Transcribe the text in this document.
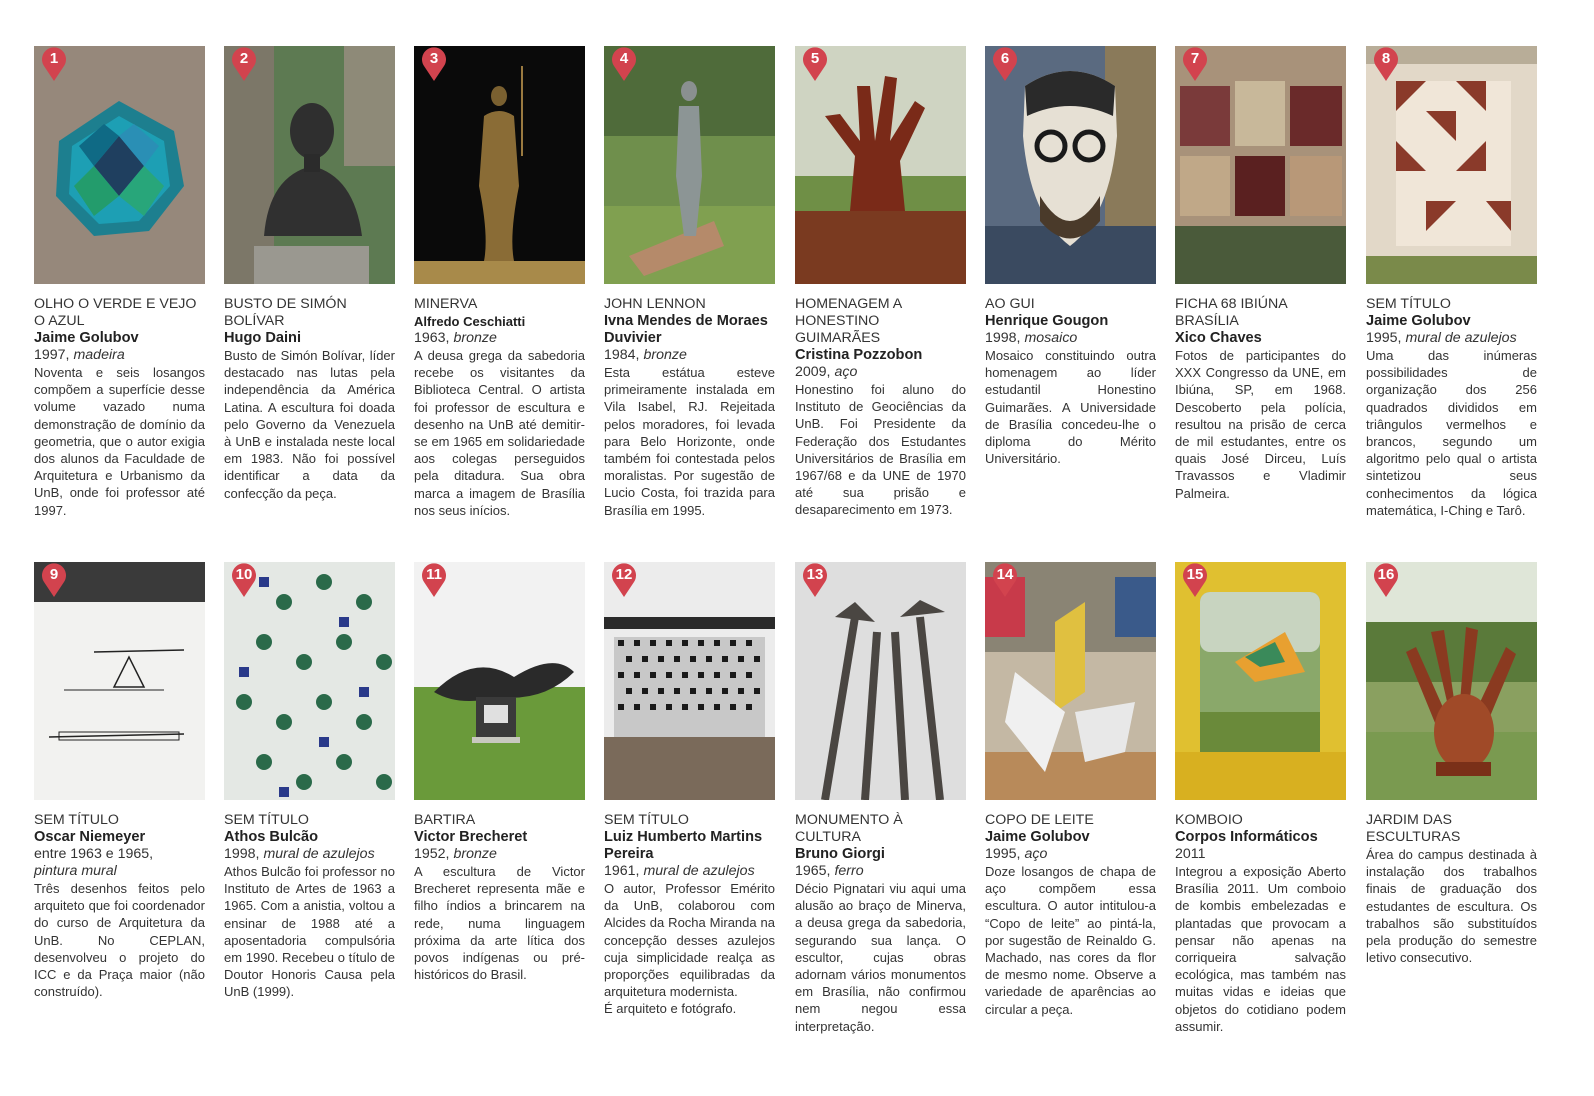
1
OLHO O VERDE E VEJO O AZUL
Jaime Golubov
1997, madeira
Noventa e seis losangos compõem a superfície desse volume vazado numa demonstração de domínio da geometria, que o autor exigia dos alunos da Faculdade de Arquitetura e Urbanismo da UnB, onde foi professor até 1997.
2
BUSTO DE SIMÓN BOLÍVAR
Hugo Daini
Busto de Simón Bolívar, líder destacado nas lutas pela independência da América Latina. A escultura foi doada pelo Governo da Venezuela à UnB e instalada neste local em 1983. Não foi possível identificar a data da confecção da peça.
3
MINERVA
Alfredo Ceschiatti
1963, bronze
A deusa grega da sabedoria recebe os visitantes da Biblioteca Central. O artista foi professor de escultura e desenho na UnB até demitir-se em 1965 em solidariedade aos colegas perseguidos pela ditadura. Sua obra marca a imagem de Brasília nos seus inícios.
4
JOHN LENNON
Ivna Mendes de Moraes Duvivier
1984, bronze
Esta estátua esteve primeiramente instalada em Vila Isabel, RJ. Rejeitada pelos moradores, foi levada para Belo Horizonte, onde também foi contestada pelos moralistas. Por sugestão de Lucio Costa, foi trazida para Brasília em 1995.
5
HOMENAGEM A HONESTINO GUIMARÃES
Cristina Pozzobon
2009, aço
Honestino foi aluno do Instituto de Geociências da UnB. Foi Presidente da Federação dos Estudantes Universitários de Brasília em 1967/68 e da UNE de 1970 até sua prisão e desaparecimento em 1973.
6
AO GUI
Henrique Gougon
1998, mosaico
Mosaico constituindo outra homenagem ao líder estudantil Honestino Guimarães. A Universidade de Brasília concedeu-lhe o diploma do Mérito Universitário.
7
FICHA 68 IBIÚNA BRASÍLIA
Xico Chaves
Fotos de participantes do XXX Congresso da UNE, em Ibiúna, SP, em 1968. Descoberto pela polícia, resultou na prisão de cerca de mil estudantes, entre os quais José Dirceu, Luís Travassos e Vladimir Palmeira.
8
SEM TÍTULO
Jaime Golubov
1995, mural de azulejos
Uma das inúmeras possibilidades de organização dos 256 quadrados divididos em triângulos vermelhos e brancos, segundo um algoritmo pelo qual o artista sintetizou seus conhecimentos da lógica matemática, I-Ching e Tarô.
9
SEM TÍTULO
Oscar Niemeyer
entre 1963 e 1965,
pintura mural
Três desenhos feitos pelo arquiteto que foi coordenador do curso de Arquitetura da UnB. No CEPLAN, desenvolveu o projeto do ICC e da Praça maior (não construído).
10
SEM TÍTULO
Athos Bulcão
1998, mural de azulejos
Athos Bulcão foi professor no Instituto de Artes de 1963 a 1965. Com a anistia, voltou a ensinar de 1988 até a aposentadoria compulsória em 1990. Recebeu o título de Doutor Honoris Causa pela UnB (1999).
11
BARTIRA
Victor Brecheret
1952, bronze
A escultura de Victor Brecheret representa mãe e filho índios a brincarem na rede, numa linguagem próxima da arte lítica dos povos indígenas ou pré-históricos do Brasil.
12
SEM TÍTULO
Luiz Humberto Martins Pereira
1961, mural de azulejos
O autor, Professor Emérito da UnB, colaborou com Alcides da Rocha Miranda na concepção desses azulejos cuja simplicidade realça as proporções equilibradas da arquitetura modernista.
É arquiteto e fotógrafo.
13
MONUMENTO À CULTURA
Bruno Giorgi
1965, ferro
Décio Pignatari viu aqui uma alusão ao braço de Minerva, a deusa grega da sabedoria, segurando sua lança. O escultor, cujas obras adornam vários monumentos em Brasília, não confirmou nem negou essa interpretação.
14
COPO DE LEITE
Jaime Golubov
1995, aço
Doze losangos de chapa de aço compõem essa escultura. O autor intitulou-a “Copo de leite” ao pintá-la, por sugestão de Reinaldo G. Machado, nas cores da flor de mesmo nome. Observe a variedade de aparências ao circular a peça.
15
KOMBOIO
Corpos Informáticos
2011
Integrou a exposição Aberto Brasília 2011. Um comboio de kombis embelezadas e plantadas que provocam a pensar não apenas na corriqueira salvação ecológica, mas também nas muitas vidas e ideias que objetos do cotidiano podem assumir.
16
JARDIM DAS ESCULTURAS
Área do campus destinada à instalação dos trabalhos finais de graduação dos estudantes de escultura. Os trabalhos são substituídos pela produção do semestre letivo consecutivo.
